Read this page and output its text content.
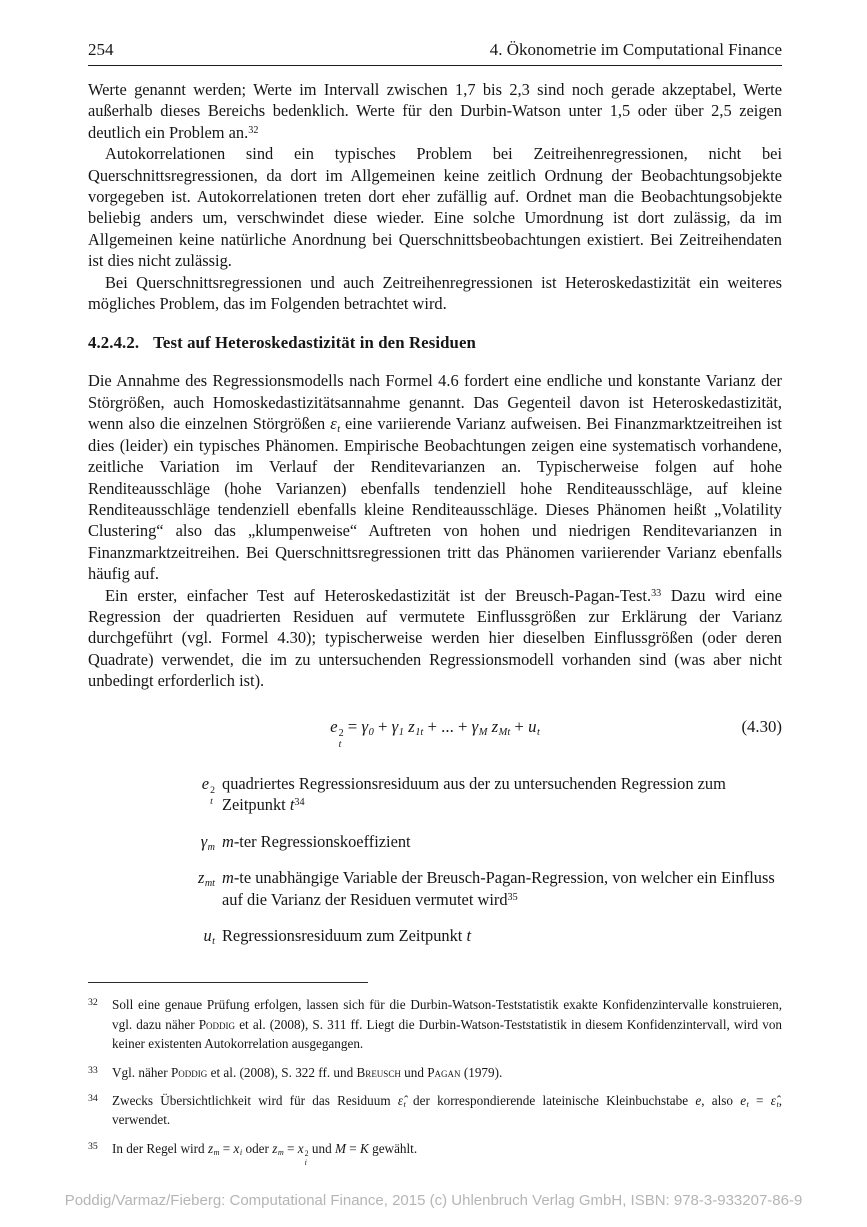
254	4. Ökonometrie im Computational Finance

Werte genannt werden; Werte im Intervall zwischen 1,7 bis 2,3 sind noch gerade akzeptabel, Werte außerhalb dieses Bereichs bedenklich. Werte für den Durbin-Watson unter 1,5 oder über 2,5 zeigen deutlich ein Problem an.$^{32}$

Autokorrelationen sind ein typisches Problem bei Zeitreihenregressionen, nicht bei Querschnittsregressionen, da dort im Allgemeinen keine zeitlich Ordnung der Beobachtungsobjekte vorgegeben ist. Autokorrelationen treten dort eher zufällig auf. Ordnet man die Beobachtungsobjekte beliebig anders um, verschwindet diese wieder. Eine solche Umordnung ist dort zulässig, da im Allgemeinen keine natürliche Anordnung bei Querschnittsbeobachtungen existiert. Bei Zeitreihendaten ist dies nicht zulässig.

Bei Querschnittsregressionen und auch Zeitreihenregressionen ist Heteroskedastizität ein weiteres mögliches Problem, das im Folgenden betrachtet wird.

4.2.4.2. Test auf Heteroskedastizität in den Residuen

Die Annahme des Regressionsmodells nach Formel 4.6 fordert eine endliche und konstante Varianz der Störgrößen, auch Homoskedastizitätsannahme genannt. Das Gegenteil davon ist Heteroskedastizität, wenn also die einzelnen Störgrößen εt eine variierende Varianz aufweisen. Bei Finanzmarktzeitreihen ist dies (leider) ein typisches Phänomen. Empirische Beobachtungen zeigen eine systematisch vorhandene, zeitliche Variation im Verlauf der Renditevarianzen an. Typischerweise folgen auf hohe Renditeausschläge (hohe Varianzen) ebenfalls tendenziell hohe Renditeausschläge, auf kleine Renditeausschläge tendenziell ebenfalls kleine Renditeausschläge. Dieses Phänomen heißt „Volatility Clustering“ also das „klumpenweise“ Auftreten von hohen und niedrigen Renditevarianzen in Finanzmarktzeitreihen. Bei Querschnittsregressionen tritt das Phänomen variierender Varianz ebenfalls häufig auf.

Ein erster, einfacher Test auf Heteroskedastizität ist der Breusch-Pagan-Test.$^{33}$ Dazu wird eine Regression der quadrierten Residuen auf vermutete Einflussgrößen zur Erklärung der Varianz durchgeführt (vgl. Formel 4.30); typischerweise werden hier dieselben Einflussgrößen (oder deren Quadrate) verwendet, die im zu untersuchenden Regressionsmodell vorhanden sind (was aber nicht unbedingt erforderlich ist).

e 2
t
= γ0 + γ1 z1t + ... + γM zMt + ut	(4.30)
e 2
t
quadriertes Regressionsresiduum aus der zu untersuchenden Regression zum Zeitpunkt t$^{34}$
γm m-ter Regressionskoeffizient
zmt m-te unabhängige Variable der Breusch-Pagan-Regression, von welcher ein Einfluss auf die Varianz der Residuen vermutet wird$^{35}$
ut Regressionsresiduum zum Zeitpunkt t
32	Soll eine genaue Prüfung erfolgen, lassen sich für die Durbin-Watson-Teststatistik exakte Konfidenzintervalle konstruieren, vgl. dazu näher Poddig et al. (2008), S. 311 ff. Liegt die Durbin-Watson-Teststatistik in diesem Konfidenzintervall, wird von keiner existenten Autokorrelation ausgegangen.
33	Vgl. näher Poddig et al. (2008), S. 322 ff. und Breusch und Pagan (1979).
34	Zwecks Übersichtlichkeit wird für das Residuum ε̂t der korrespondierende lateinische Kleinbuchstabe e, also et = ε̂t, verwendet.
35	In der Regel wird zm = xi oder zm = x 2
i
und M = K gewählt.
Poddig/Varmaz/Fieberg: Computational Finance, 2015 (c) Uhlenbruch Verlag GmbH, ISBN: 978-3-933207-86-9
